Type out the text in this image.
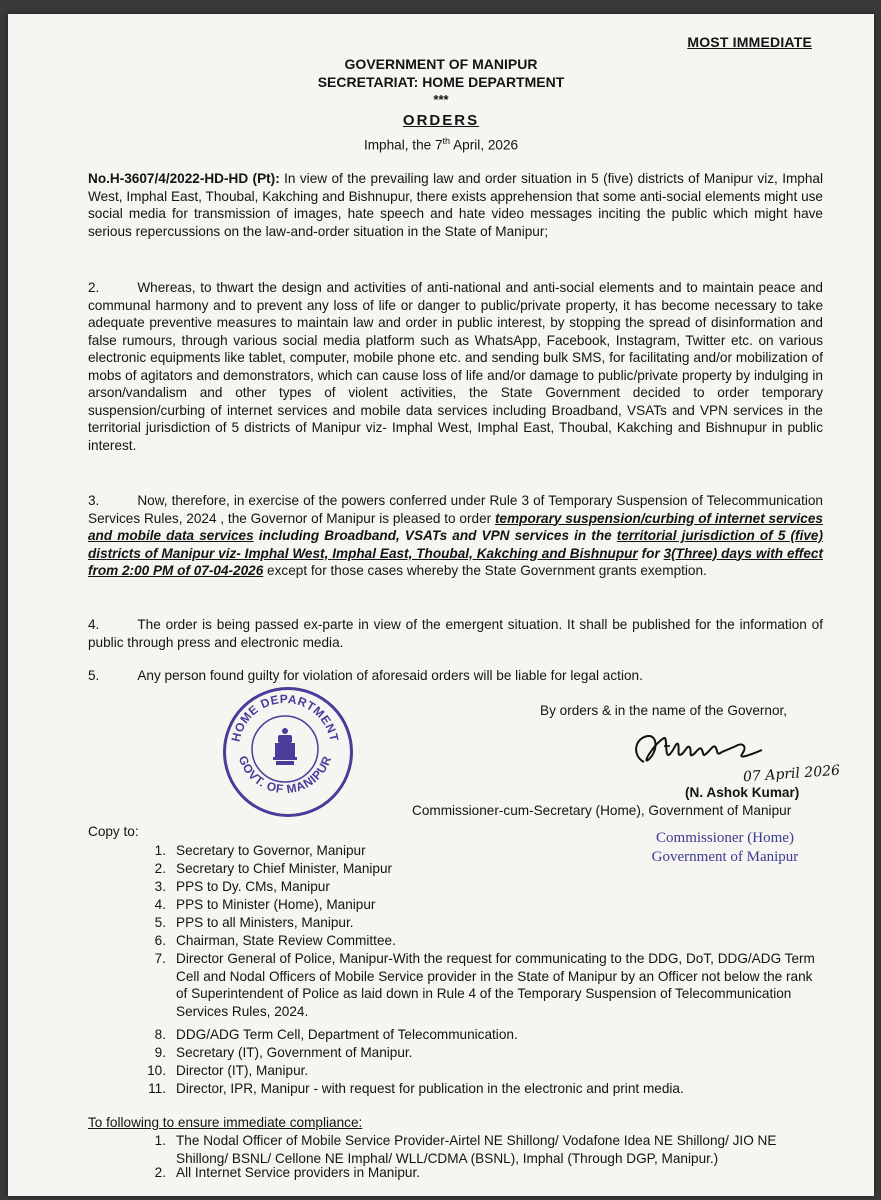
MOST IMMEDIATE
GOVERNMENT OF MANIPUR
SECRETARIAT: HOME DEPARTMENT
***
ORDERS
Imphal, the 7th April, 2026
No.H-3607/4/2022-HD-HD (Pt): In view of the prevailing law and order situation in 5 (five) districts of Manipur viz, Imphal West, Imphal East, Thoubal, Kakching and Bishnupur, there exists apprehension that some anti-social elements might use social media for transmission of images, hate speech and hate video messages inciting the public which might have serious repercussions on the law-and-order situation in the State of Manipur;
2.	Whereas, to thwart the design and activities of anti-national and anti-social elements and to maintain peace and communal harmony and to prevent any loss of life or danger to public/private property, it has become necessary to take adequate preventive measures to maintain law and order in public interest, by stopping the spread of disinformation and false rumours, through various social media platform such as WhatsApp, Facebook, Instagram, Twitter etc. on various electronic equipments like tablet, computer, mobile phone etc. and sending bulk SMS, for facilitating and/or mobilization of mobs of agitators and demonstrators, which can cause loss of life and/or damage to public/private property by indulging in arson/vandalism and other types of violent activities, the State Government decided to order temporary suspension/curbing of internet services and mobile data services including Broadband, VSATs and VPN services in the territorial jurisdiction of 5 districts of Manipur viz- Imphal West, Imphal East, Thoubal, Kakching and Bishnupur in public interest.
3.	Now, therefore, in exercise of the powers conferred under Rule 3 of Temporary Suspension of Telecommunication Services Rules, 2024 , the Governor of Manipur is pleased to order temporary suspension/curbing of internet services and mobile data services including Broadband, VSATs and VPN services in the territorial jurisdiction of 5 (five) districts of Manipur viz- Imphal West, Imphal East, Thoubal, Kakching and Bishnupur for 3(Three) days with effect from 2:00 PM of 07-04-2026 except for those cases whereby the State Government grants exemption.
4.	The order is being passed ex-parte in view of the emergent situation. It shall be published for the information of public through press and electronic media.
5.	Any person found guilty for violation of aforesaid orders will be liable for legal action.
By orders & in the name of the Governor,
HOME DEPARTMENT
GOVT. OF MANIPUR
07 April 2026
(N. Ashok Kumar)
Commissioner-cum-Secretary (Home), Government of Manipur
Commissioner (Home)
Government of Manipur
Copy to:
1. Secretary to Governor, Manipur
2. Secretary to Chief Minister, Manipur
3. PPS to Dy. CMs, Manipur
4. PPS to Minister (Home), Manipur
5. PPS to all Ministers, Manipur.
6. Chairman, State Review Committee.
7. Director General of Police, Manipur-With the request for communicating to the DDG, DoT, DDG/ADG Term Cell and Nodal Officers of Mobile Service provider in the State of Manipur by an Officer not below the rank of Superintendent of Police as laid down in Rule 4 of the Temporary Suspension of Telecommunication Services Rules, 2024.
8. DDG/ADG Term Cell, Department of Telecommunication.
9. Secretary (IT), Government of Manipur.
10. Director (IT), Manipur.
11. Director, IPR, Manipur - with request for publication in the electronic and print media.
To following to ensure immediate compliance:
1. The Nodal Officer of Mobile Service Provider-Airtel NE Shillong/ Vodafone Idea NE Shillong/ JIO NE Shillong/ BSNL/ Cellone NE Imphal/ WLL/CDMA (BSNL), Imphal (Through DGP, Manipur.)
2. All Internet Service providers in Manipur.
